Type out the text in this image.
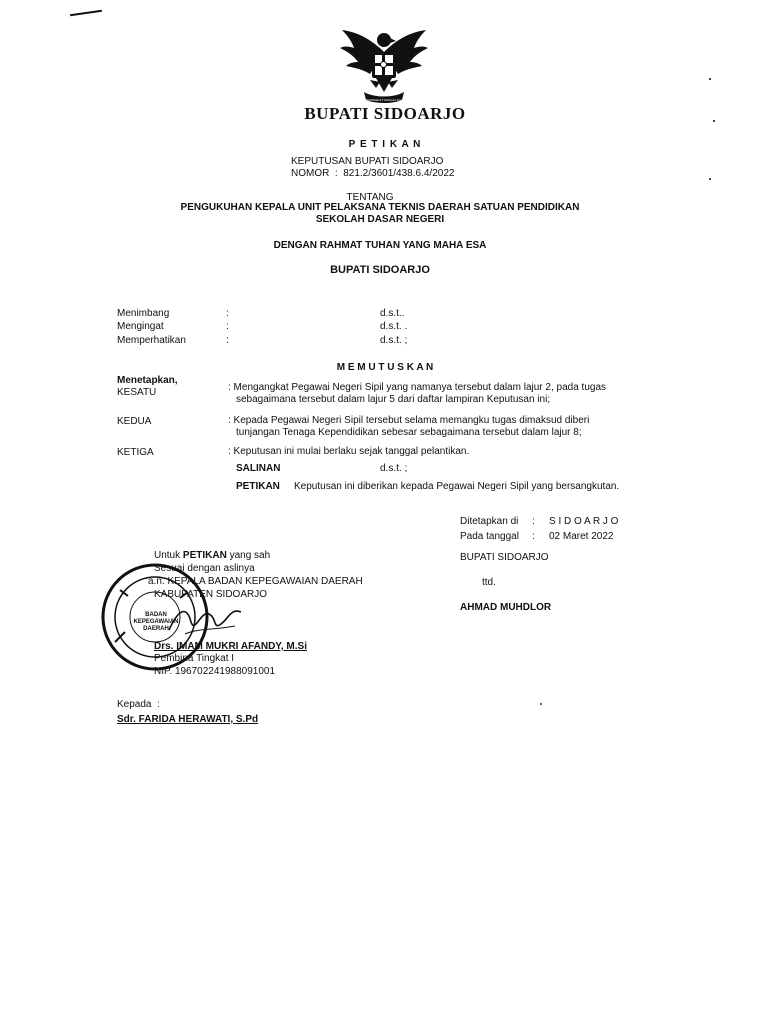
BHINNEKA TUNGGAL IKA
BUPATI SIDOARJO
P E T I K A N
KEPUTUSAN BUPATI SIDOARJO
NOMOR  :  821.2/3601/438.6.4/2022
TENTANG
PENGUKUHAN KEPALA UNIT PELAKSANA TEKNIS DAERAH SATUAN PENDIDIKAN
SEKOLAH DASAR NEGERI
DENGAN RAHMAT TUHAN YANG MAHA ESA
BUPATI SIDOARJO
Menimbang	:	d.s.t..
Mengingat	:	d.s.t. .
Memperhatikan	:	d.s.t. ;
M E M U T U S K A N
Menetapkan,
KESATU	: Mengangkat Pegawai Negeri Sipil yang namanya tersebut dalam lajur 2, pada tugas
sebagaimana tersebut dalam lajur 5 dari daftar lampiran Keputusan ini;
KEDUA	: Kepada Pegawai Negeri Sipil tersebut selama memangku tugas dimaksud diberi
tunjangan Tenaga Kependidikan sebesar sebagaimana tersebut dalam lajur 8;
KETIGA	: Keputusan ini mulai berlaku sejak tanggal pelantikan.
SALINAN	d.s.t. ;
PETIKAN Keputusan ini diberikan kepada Pegawai Negeri Sipil yang bersangkutan.
Ditetapkan di : S I D O A R J O
Pada tanggal : 02 Maret 2022
BUPATI SIDOARJO
ttd.
AHMAD MUHDLOR
BADAN KEPEGAWAIAN DAERAH
Untuk PETIKAN yang sah
Sesuai dengan aslinya
a.n. KEPALA BADAN KEPEGAWAIAN DAERAH
KABUPATEN SIDOARJO
Drs. IMAM MUKRI AFANDY, M.Si
Pembina Tingkat I
NIP. 196702241988091001
Kepada  :
Sdr. FARIDA HERAWATI, S.Pd
